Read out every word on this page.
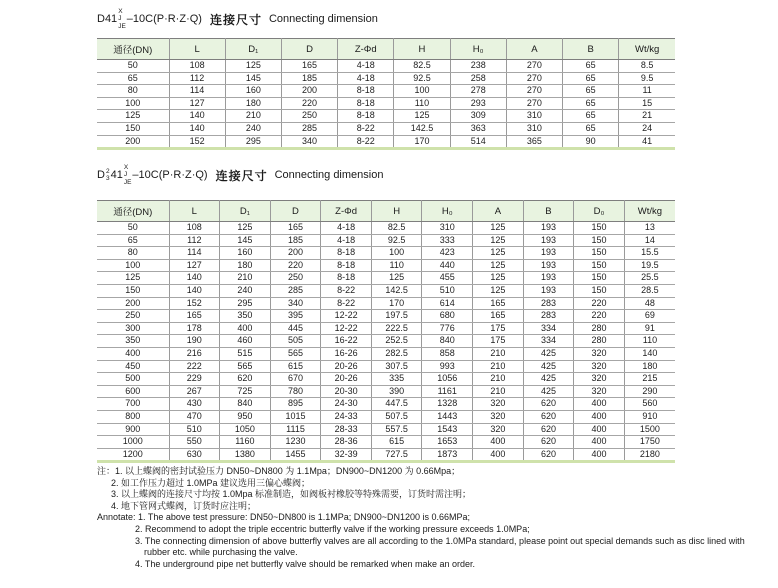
D41
X
J
JE
–10C(P·R·Z·Q) 连接尺寸 Connecting dimension
通径(DN)	L	D₁	D	Z-Φd	H	H₀	A	B	Wt/kg
50	108	125	165	4-18	82.5	238	270	65	8.5
65	112	145	185	4-18	92.5	258	270	65	9.5
80	114	160	200	8-18	100	278	270	65	11
100	127	180	220	8-18	110	293	270	65	15
125	140	210	250	8-18	125	309	310	65	21
150	140	240	285	8-22	142.5	363	310	65	24
200	152	295	340	8-22	170	514	365	90	41
D 2
3 41
X
J
JE
–10C(P·R·Z·Q) 连接尺寸 Connecting dimension
通径(DN)	L	D₁	D	Z-Φd	H	H₀	A	B	D₀	Wt/kg
50	108	125	165	4-18	82.5	310	125	193	150	13
65	112	145	185	4-18	92.5	333	125	193	150	14
80	114	160	200	8-18	100	423	125	193	150	15.5
100	127	180	220	8-18	110	440	125	193	150	19.5
125	140	210	250	8-18	125	455	125	193	150	25.5
150	140	240	285	8-22	142.5	510	125	193	150	28.5
200	152	295	340	8-22	170	614	165	283	220	48
250	165	350	395	12-22	197.5	680	165	283	220	69
300	178	400	445	12-22	222.5	776	175	334	280	91
350	190	460	505	16-22	252.5	840	175	334	280	110
400	216	515	565	16-26	282.5	858	210	425	320	140
450	222	565	615	20-26	307.5	993	210	425	320	180
500	229	620	670	20-26	335	1056	210	425	320	215
600	267	725	780	20-30	390	1161	210	425	320	290
700	430	840	895	24-30	447.5	1328	320	620	400	560
800	470	950	1015	24-33	507.5	1443	320	620	400	910
900	510	1050	1115	28-33	557.5	1543	320	620	400	1500
1000	550	1160	1230	28-36	615	1653	400	620	400	1750
1200	630	1380	1455	32-39	727.5	1873	400	620	400	2180
注：1. 以上蝶阀的密封试验压力 DN50~DN800 为 1.1Mpa；DN900~DN1200 为 0.66Mpa；
2. 如工作压力超过 1.0MPa 建议选用三偏心蝶阀；
3. 以上蝶阀的连接尺寸均按 1.0Mpa 标准制造，如阀板衬橡胶等特殊需要，订货时需注明；
4. 地下管网式蝶阀，订货时应注明；
Annotate: 1. The above test pressure: DN50~DN800 is 1.1MPa; DN900~DN1200 is 0.66MPa;
2. Recommend to adopt the triple eccentric butterfly valve if the working pressure exceeds 1.0MPa;
3. The connecting dimension of above butterfly valves are all according to the 1.0MPa standard, please point out special demands such as disc lined with rubber etc. while purchasing the valve.
4. The underground pipe net butterfly valve should be remarked when make an order.
